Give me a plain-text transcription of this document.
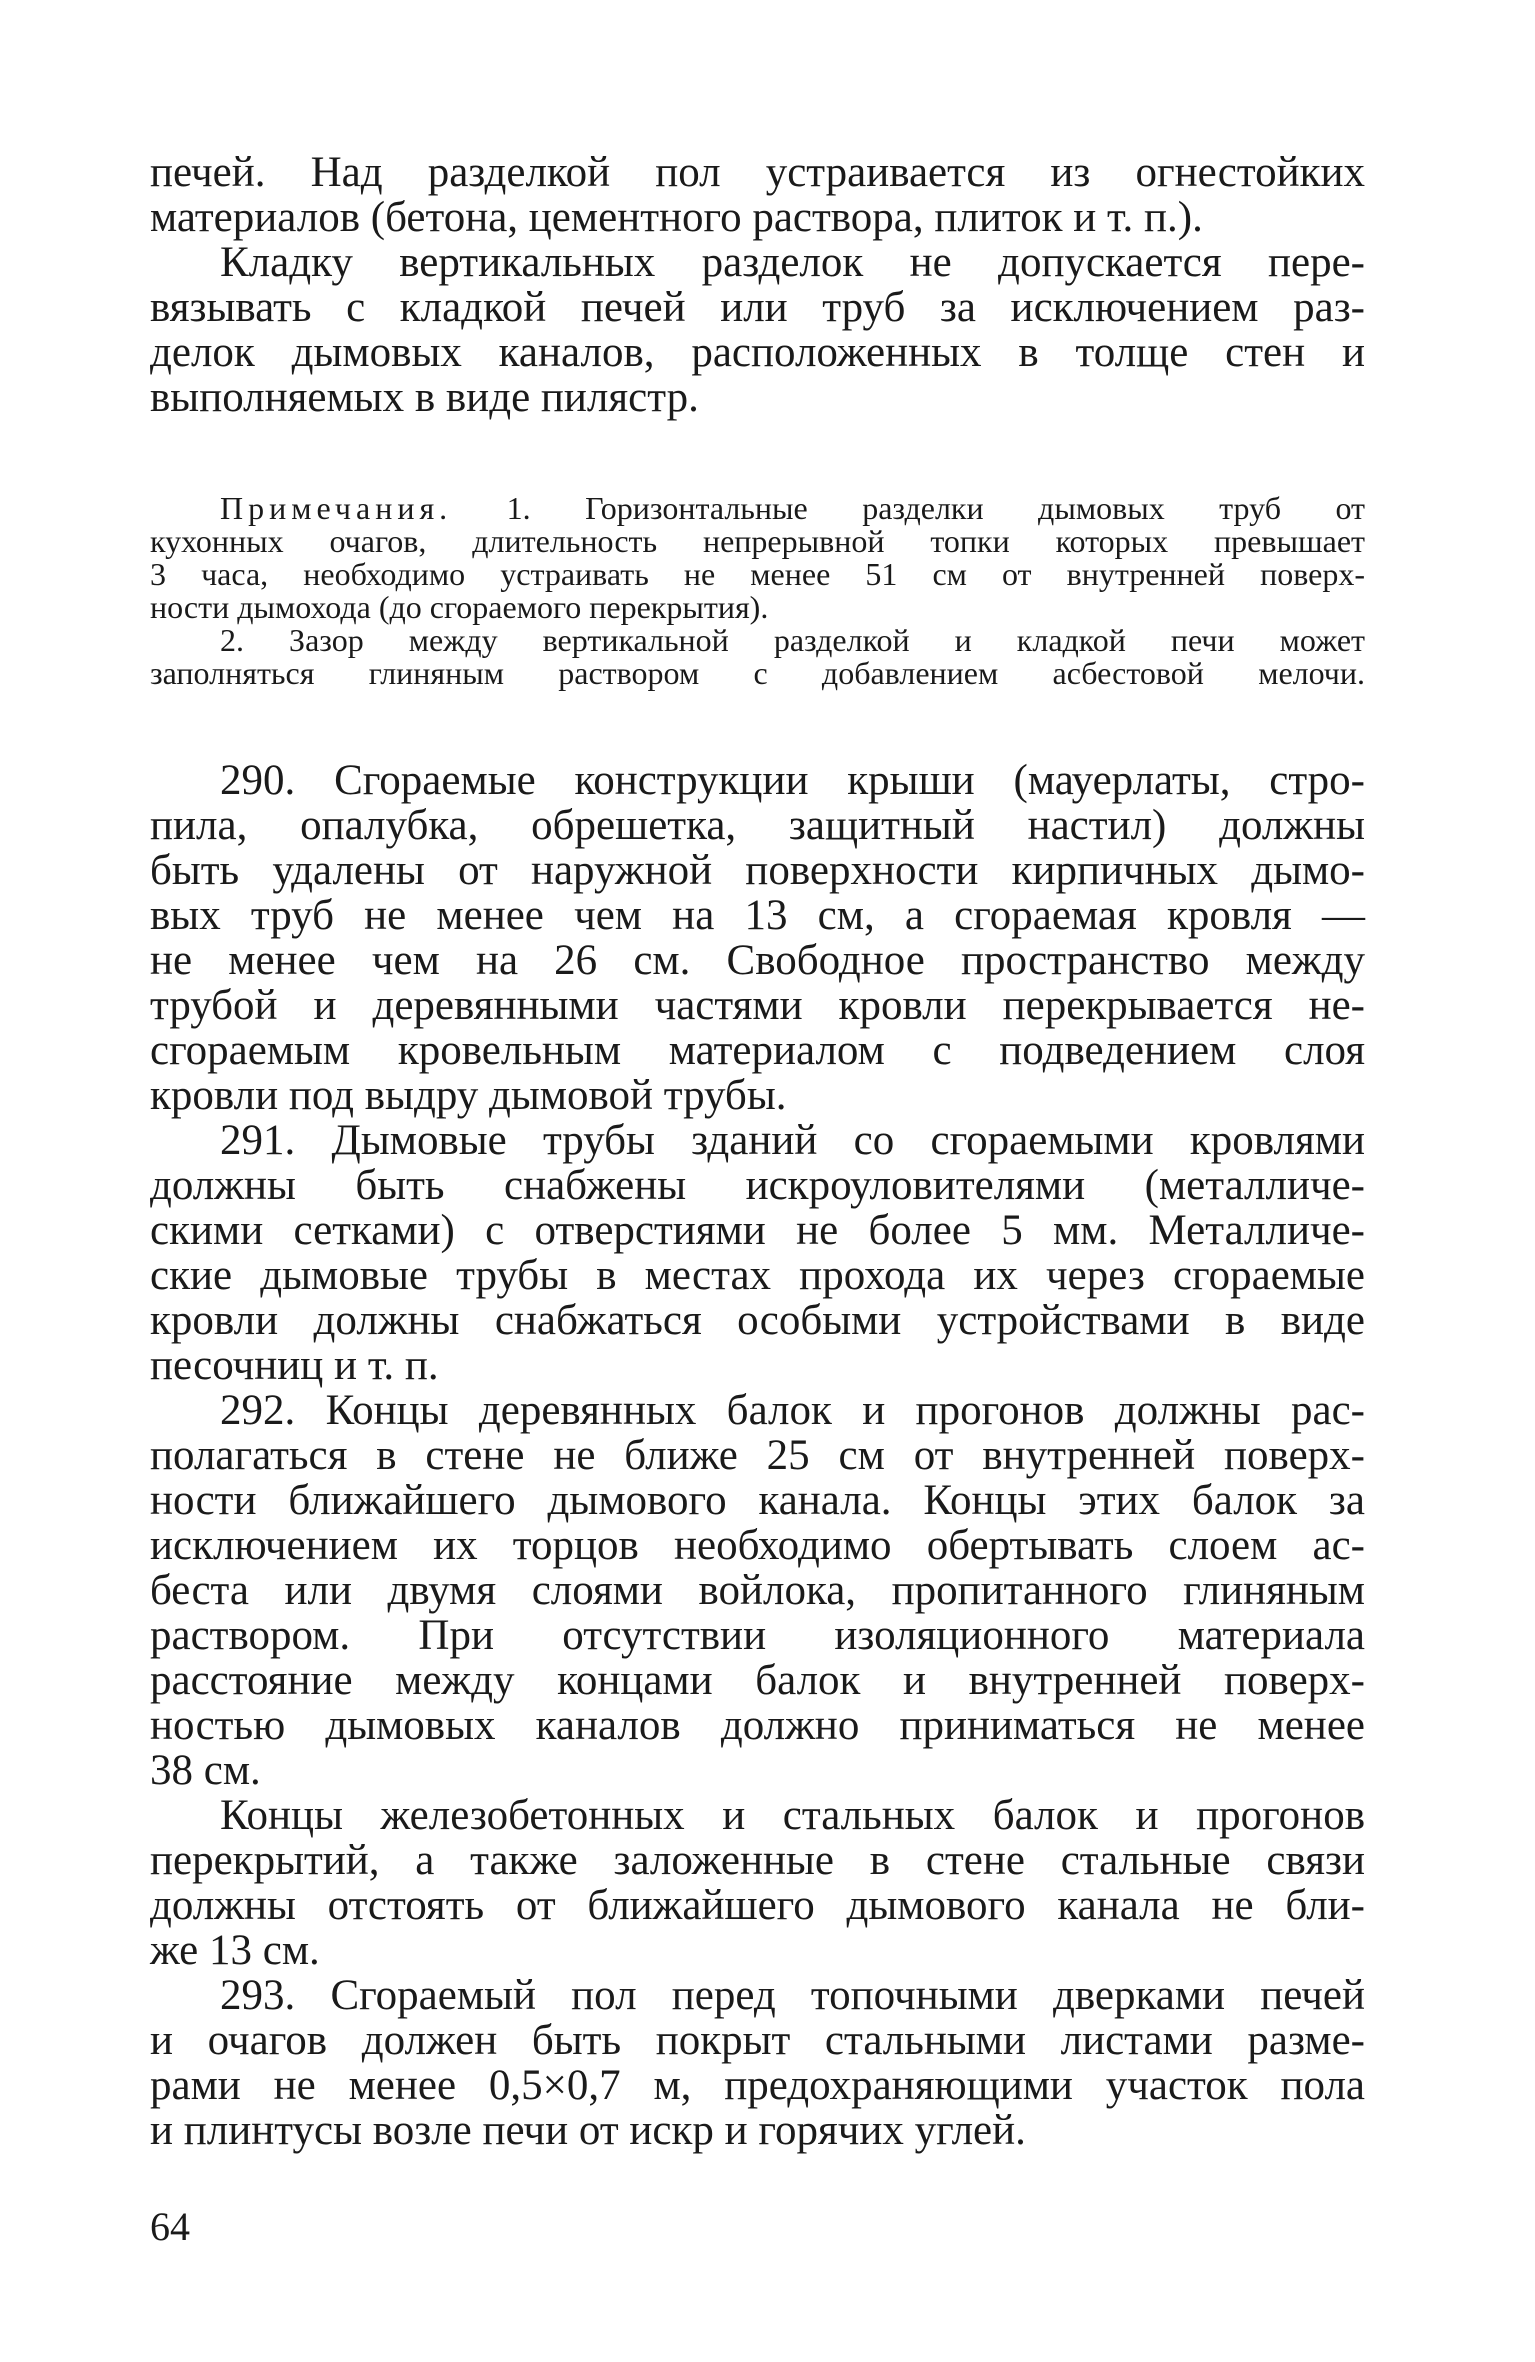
печей. Над разделкой пол устраивается из огнестойких
материалов (бетона, цементного раствора, плиток и т. п.).
Кладку вертикальных разделок не допускается пере-
вязывать с кладкой печей или труб за исключением раз-
делок дымовых каналов, расположенных в толще стен и
выполняемых в виде пилястр.
Примечания. 1. Горизонтальные разделки дымовых труб от
кухонных очагов, длительность непрерывной топки которых превышает
3 часа, необходимо устраивать не менее 51 см от внутренней поверх-
ности дымохода (до сгораемого перекрытия).
2. Зазор между вертикальной разделкой и кладкой печи может
заполняться глиняным раствором с добавлением асбестовой мелочи.
290. Сгораемые конструкции крыши (мауерлаты, стро-
пила, опалубка, обрешетка, защитный настил) должны
быть удалены от наружной поверхности кирпичных дымо-
вых труб не менее чем на 13 см, а сгораемая кровля —
не менее чем на 26 см. Свободное пространство между
трубой и деревянными частями кровли перекрывается не-
сгораемым кровельным материалом с подведением слоя
кровли под выдру дымовой трубы.
291. Дымовые трубы зданий со сгораемыми кровлями
должны быть снабжены искроуловителями (металличе-
скими сетками) с отверстиями не более 5 мм. Металличе-
ские дымовые трубы в местах прохода их через сгораемые
кровли должны снабжаться особыми устройствами в виде
песочниц и т. п.
292. Концы деревянных балок и прогонов должны рас-
полагаться в стене не ближе 25 см от внутренней поверх-
ности ближайшего дымового канала. Концы этих балок за
исключением их торцов необходимо обертывать слоем ас-
беста или двумя слоями войлока, пропитанного глиняным
раствором. При отсутствии изоляционного материала
расстояние между концами балок и внутренней поверх-
ностью дымовых каналов должно приниматься не менее
38 см.
Концы железобетонных и стальных балок и прогонов
перекрытий, а также заложенные в стене стальные связи
должны отстоять от ближайшего дымового канала не бли-
же 13 см.
293. Сгораемый пол перед топочными дверками печей
и очагов должен быть покрыт стальными листами разме-
рами не менее 0,5×0,7 м, предохраняющими участок пола
и плинтусы возле печи от искр и горячих углей.
64
